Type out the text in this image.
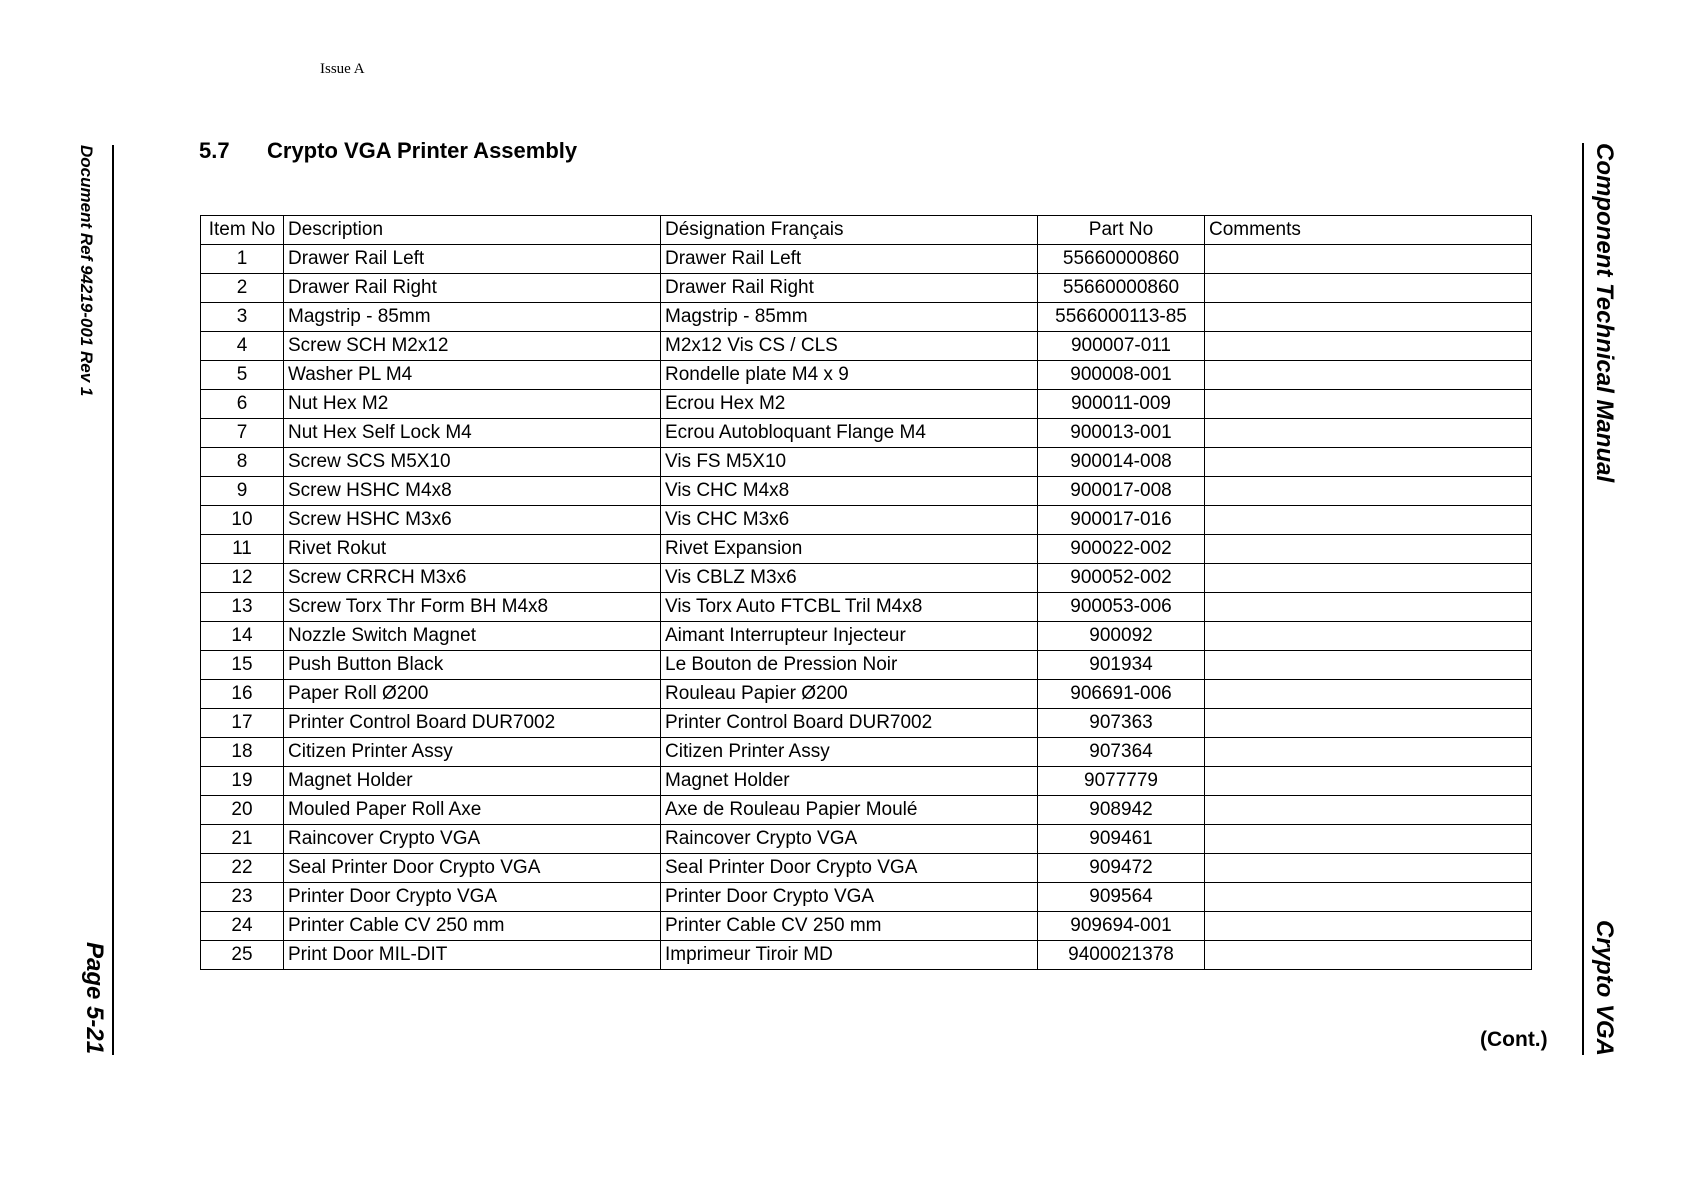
Issue A
Document Ref 94219-001 Rev 1
Page 5-21
Component Technical Manual
Crypto VGA
5.7 Crypto VGA Printer Assembly
Item No	Description	Désignation Français	Part No	Comments
1	Drawer Rail Left	Drawer Rail Left	55660000860	
2	Drawer Rail Right	Drawer Rail Right	55660000860	
3	Magstrip - 85mm	Magstrip - 85mm	5566000113-85	
4	Screw SCH M2x12	M2x12 Vis CS / CLS	900007-011	
5	Washer PL M4	Rondelle plate M4 x 9	900008-001	
6	Nut Hex M2	Ecrou Hex M2	900011-009	
7	Nut Hex Self Lock M4	Ecrou Autobloquant Flange M4	900013-001	
8	Screw SCS M5X10	Vis FS M5X10	900014-008	
9	Screw HSHC M4x8	Vis CHC M4x8	900017-008	
10	Screw HSHC M3x6	Vis CHC M3x6	900017-016	
11	Rivet Rokut	Rivet Expansion	900022-002	
12	Screw CRRCH M3x6	Vis CBLZ M3x6	900052-002	
13	Screw Torx Thr Form BH M4x8	Vis Torx Auto FTCBL Tril M4x8	900053-006	
14	Nozzle Switch Magnet	Aimant Interrupteur Injecteur	900092	
15	Push Button Black	Le Bouton de Pression Noir	901934	
16	Paper Roll Ø200	Rouleau Papier Ø200	906691-006	
17	Printer Control Board DUR7002	Printer Control Board DUR7002	907363	
18	Citizen Printer Assy	Citizen Printer Assy	907364	
19	Magnet Holder	Magnet Holder	9077779	
20	Mouled Paper Roll Axe	Axe de Rouleau Papier Moulé	908942	
21	Raincover Crypto VGA	Raincover Crypto VGA	909461	
22	Seal Printer Door Crypto VGA	Seal Printer Door Crypto VGA	909472	
23	Printer Door Crypto VGA	Printer Door Crypto VGA	909564	
24	Printer Cable CV 250 mm	Printer Cable CV 250 mm	909694-001	
25	Print Door MIL-DIT	Imprimeur Tiroir MD	9400021378	
(Cont.)
